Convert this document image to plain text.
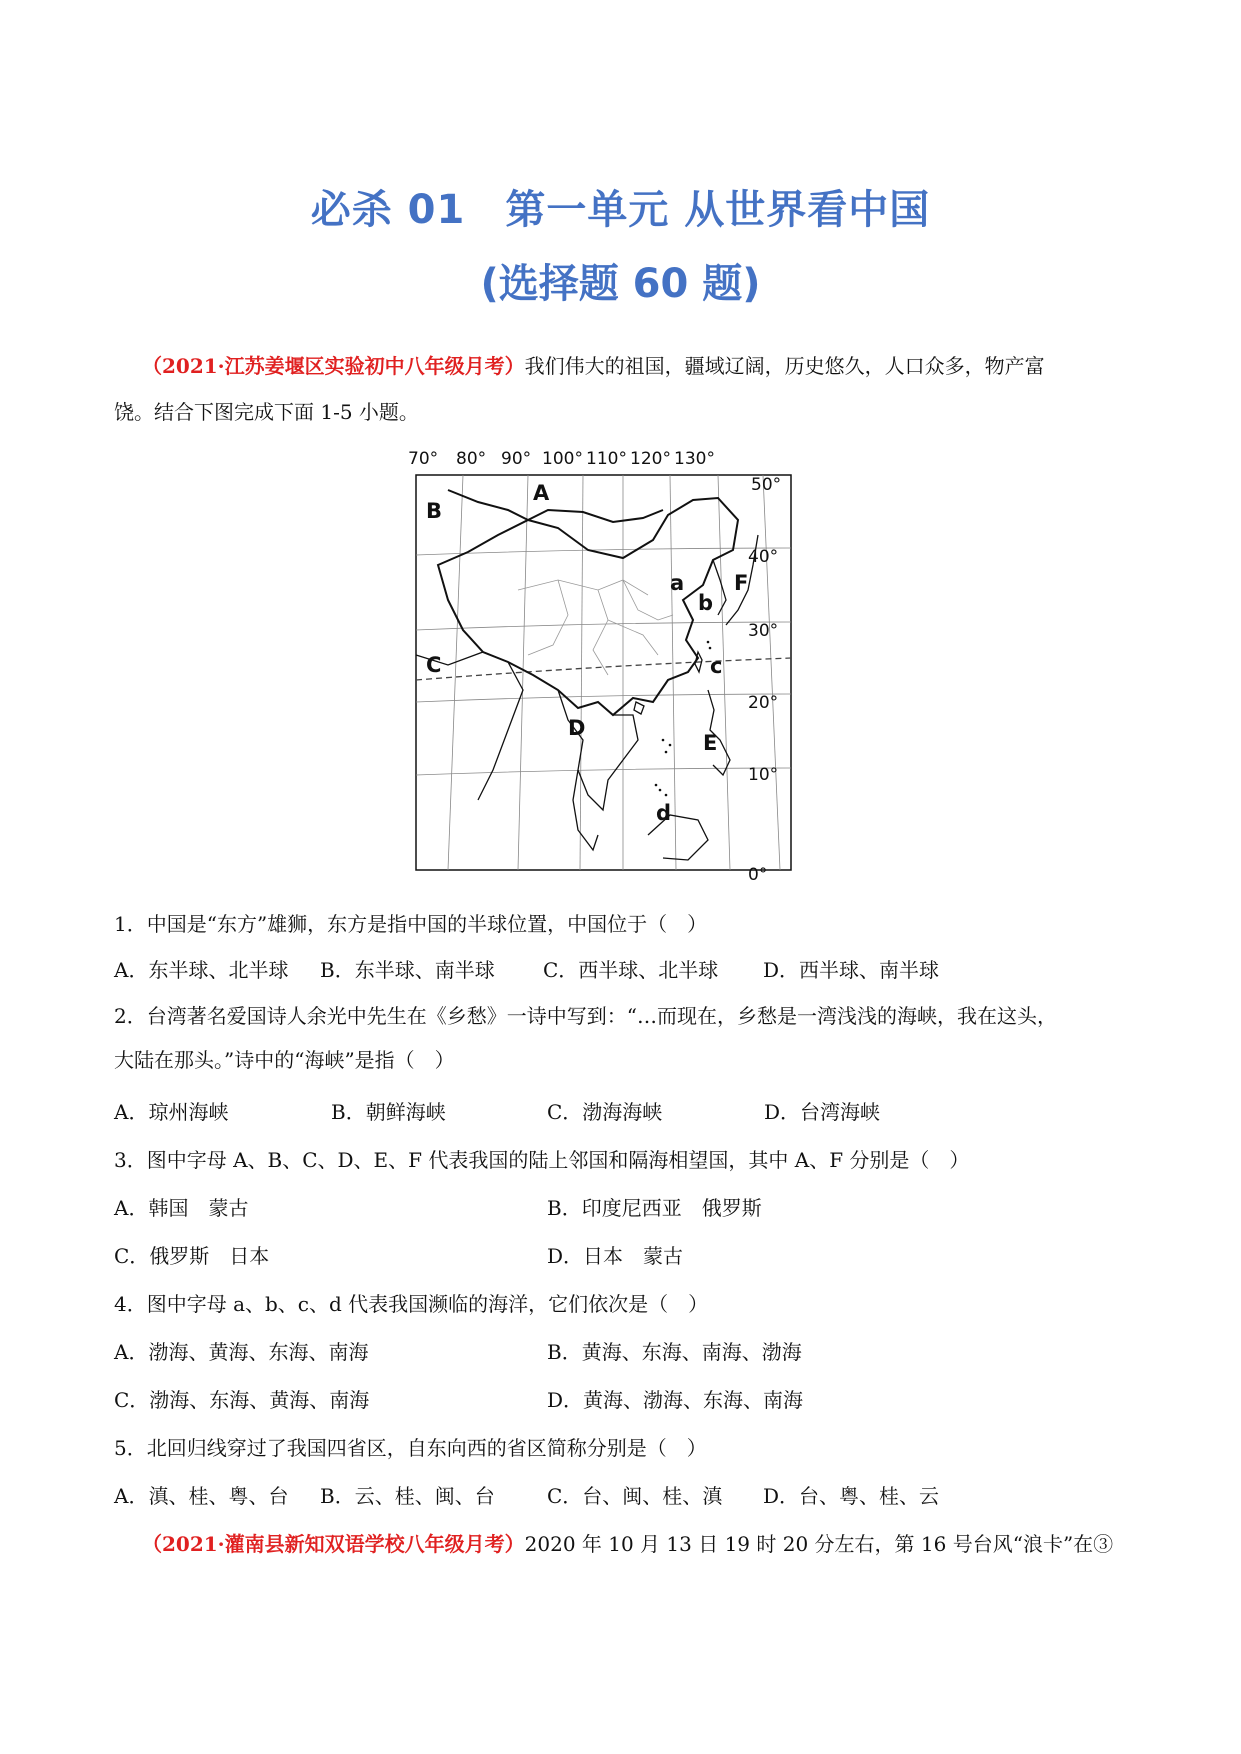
必杀 01 第一单元 从世界看中国
(选择题 60 题)
（2021·江苏姜堰区实验初中八年级月考）我们伟大的祖国，疆域辽阔，历史悠久，人口众多，物产富
饶。结合下图完成下面 1-5 小题。
70° 80° 90° 100° 110° 120° 130°
50°
40°
30°
20°
10°
0°
A
B
C
D
E
F
a
b
c
d
1．中国是“东方”雄狮，东方是指中国的半球位置，中国位于（　）
A．东半球、北半球 B．东半球、南半球 C．西半球、北半球 D．西半球、南半球
2．台湾著名爱国诗人余光中先生在《乡愁》一诗中写到：“…而现在，乡愁是一湾浅浅的海峡，我在这头，
大陆在那头。”诗中的“海峡”是指（　）
A．琼州海峡	B．朝鲜海峡	C．渤海海峡	D．台湾海峡
3．图中字母 A、B、C、D、E、F 代表我国的陆上邻国和隔海相望国，其中 A、F 分别是（　）
A．韩国　蒙古	B．印度尼西亚　俄罗斯
C．俄罗斯　日本	D．日本　蒙古
4．图中字母 a、b、c、d 代表我国濒临的海洋，它们依次是（　）
A．渤海、黄海、东海、南海	B．黄海、东海、南海、渤海
C．渤海、东海、黄海、南海	D．黄海、渤海、东海、南海
5．北回归线穿过了我国四省区，自东向西的省区简称分别是（　）
A．滇、桂、粤、台 B．云、桂、闽、台	C．台、闽、桂、滇 D．台、粤、桂、云
（2021·灌南县新知双语学校八年级月考）2020 年 10 月 13 日 19 时 20 分左右，第 16 号台风“浪卡”在③
